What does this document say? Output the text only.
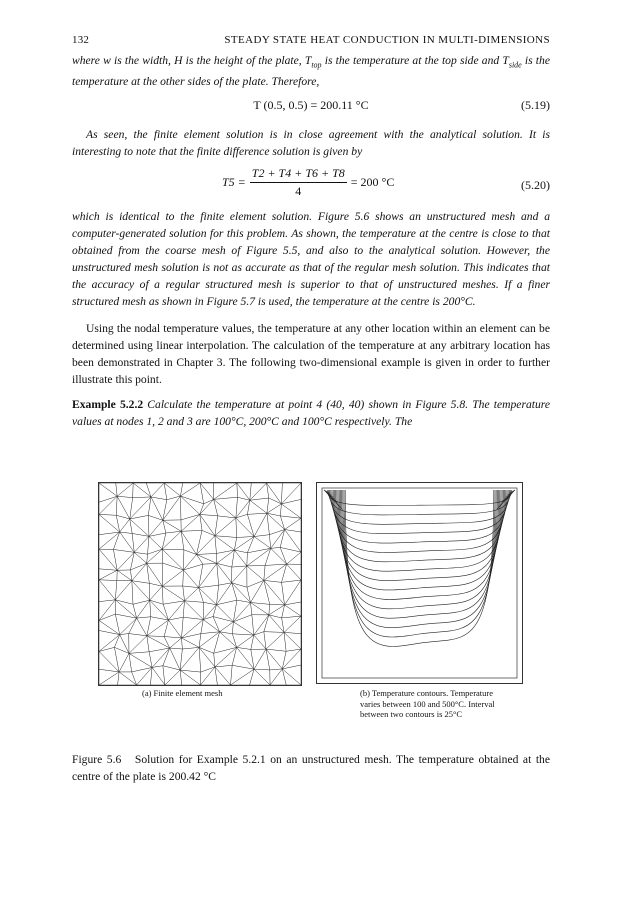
132	STEADY STATE HEAT CONDUCTION IN MULTI-DIMENSIONS

where w is the width, H is the height of the plate, $T_{top}$ is the temperature at the top side and $T_{side}$ is the temperature at the other sides of the plate. Therefore,

T (0.5, 0.5) = 200.11 °C	(5.19)

As seen, the finite element solution is in close agreement with the analytical solution. It is interesting to note that the finite difference solution is given by

$T5 = \frac{T2 + T4 + T6 + T8}{4} = 200$ °C	(5.20)

which is identical to the finite element solution. Figure 5.6 shows an unstructured mesh and a computer-generated solution for this problem. As shown, the temperature at the centre is close to that obtained from the coarse mesh of Figure 5.5, and also to the analytical solution. However, the unstructured mesh solution is not as accurate as that of the regular mesh solution. This indicates that the accuracy of a regular structured mesh is superior to that of unstructured meshes. If a finer structured mesh as shown in Figure 5.7 is used, the temperature at the centre is 200°C.

Using the nodal temperature values, the temperature at any other location within an element can be determined using linear interpolation. The calculation of the temperature at any arbitrary location has been demonstrated in Chapter 3. The following two-dimensional example is given in order to further illustrate this point.

Example 5.2.2 Calculate the temperature at point 4 (40, 40) shown in Figure 5.8. The temperature values at nodes 1, 2 and 3 are 100°C, 200°C and 100°C respectively. The

(a) Finite element mesh	(b) Temperature contours. Temperature varies between 100 and 500°C. Interval between two contours is 25°C

Figure 5.6 Solution for Example 5.2.1 on an unstructured mesh. The temperature obtained at the centre of the plate is 200.42 °C
